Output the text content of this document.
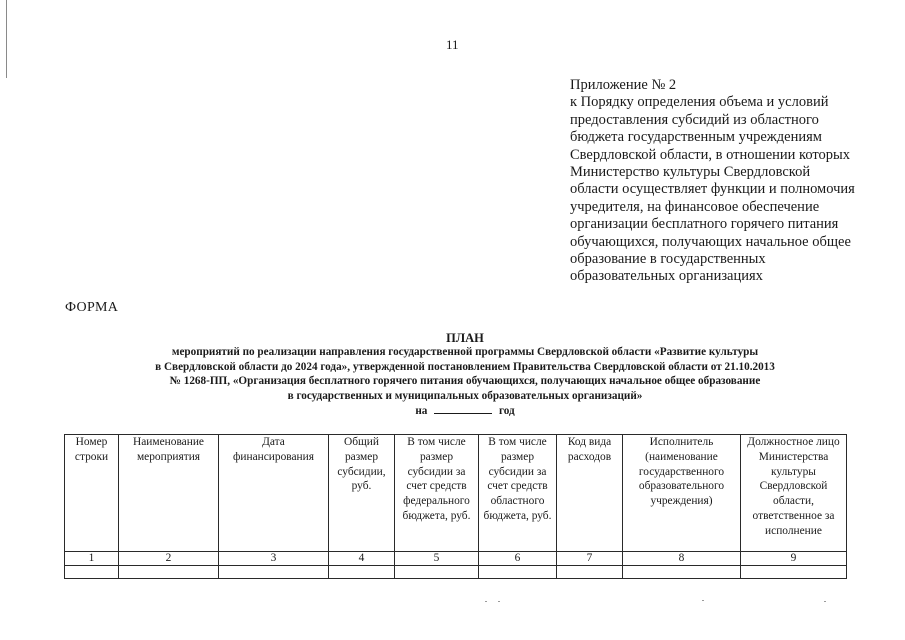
11
Приложение № 2
к Порядку определения объема и условий предоставления субсидий из областного бюджета государственным учреждениям Свердловской области, в отношении которых Министерство культуры Свердловской области осуществляет функции и полномочия учредителя, на финансовое обеспечение организации бесплатного горячего питания обучающихся, получающих начальное общее образование в государственных образовательных организациях
ФОРМА
ПЛАН
мероприятий по реализации направления государственной программы Свердловской области «Развитие культуры
в Свердловской области до 2024 года», утвержденной постановлением Правительства Свердловской области от 21.10.2013
№ 1268-ПП, «Организация бесплатного горячего питания обучающихся, получающих начальное общее образование
в государственных и муниципальных образовательных организаций»
на	год
Номер строки	Наименование мероприятия	Дата финансирования	Общий размер субсидии, руб.	В том числе размер субсидии за счет средств федерального бюджета, руб.	В том числе размер субсидии за счет средств областного бюджета, руб.	Код вида расходов	Исполнитель (наименование государственного образовательного учреждения)	Должностное лицо Министерства культуры Свердловской области, ответственное за исполнение
1	2	3	4	5	6	7	8	9
